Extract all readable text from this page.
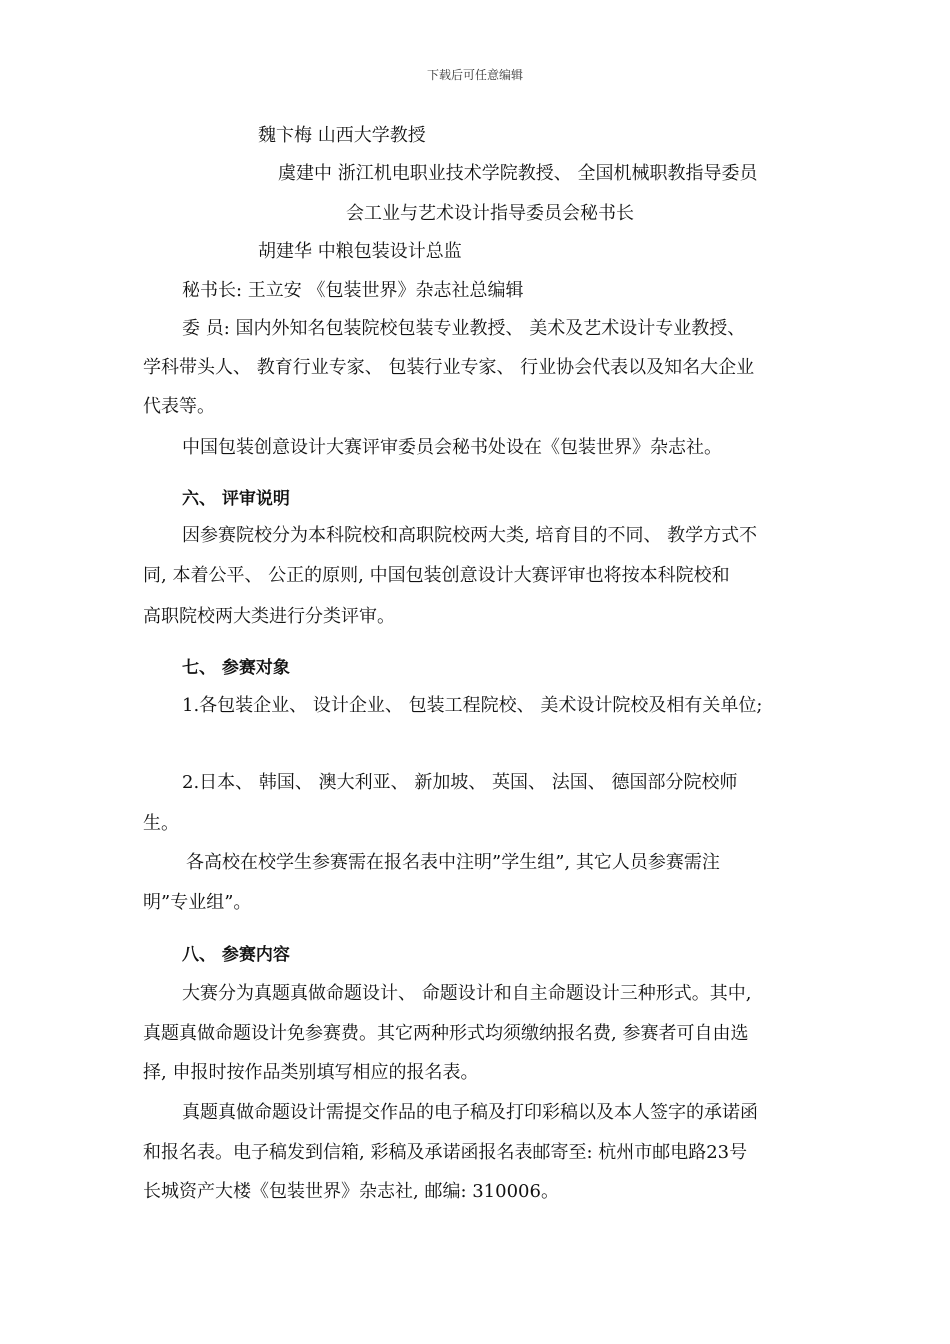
下载后可任意编辑
魏卞梅 山西大学教授
虞建中 浙江机电职业技术学院教授、 全国机械职教指导委员
会工业与艺术设计指导委员会秘书长
胡建华 中粮包装设计总监
秘书长: 王立安 《包装世界》杂志社总编辑
委 员: 国内外知名包装院校包装专业教授、 美术及艺术设计专业教授、
学科带头人、 教育行业专家、 包装行业专家、 行业协会代表以及知名大企业
代表等。
中国包装创意设计大赛评审委员会秘书处设在《包装世界》杂志社。
六、 评审说明
因参赛院校分为本科院校和高职院校两大类, 培育目的不同、 教学方式不
同, 本着公平、 公正的原则, 中国包装创意设计大赛评审也将按本科院校和
高职院校两大类进行分类评审。
七、 参赛对象
1.各包装企业、 设计企业、 包装工程院校、 美术设计院校及相有关单位;
2.日本、 韩国、 澳大利亚、 新加坡、 英国、 法国、 德国部分院校师
生。
各高校在校学生参赛需在报名表中注明”学生组”, 其它人员参赛需注
明”专业组”。
八、 参赛内容
大赛分为真题真做命题设计、 命题设计和自主命题设计三种形式。其中,
真题真做命题设计免参赛费。其它两种形式均须缴纳报名费, 参赛者可自由选
择, 申报时按作品类别填写相应的报名表。
真题真做命题设计需提交作品的电子稿及打印彩稿以及本人签字的承诺函
和报名表。电子稿发到信箱, 彩稿及承诺函报名表邮寄至: 杭州市邮电路23号
长城资产大楼《包装世界》杂志社, 邮编: 310006。
